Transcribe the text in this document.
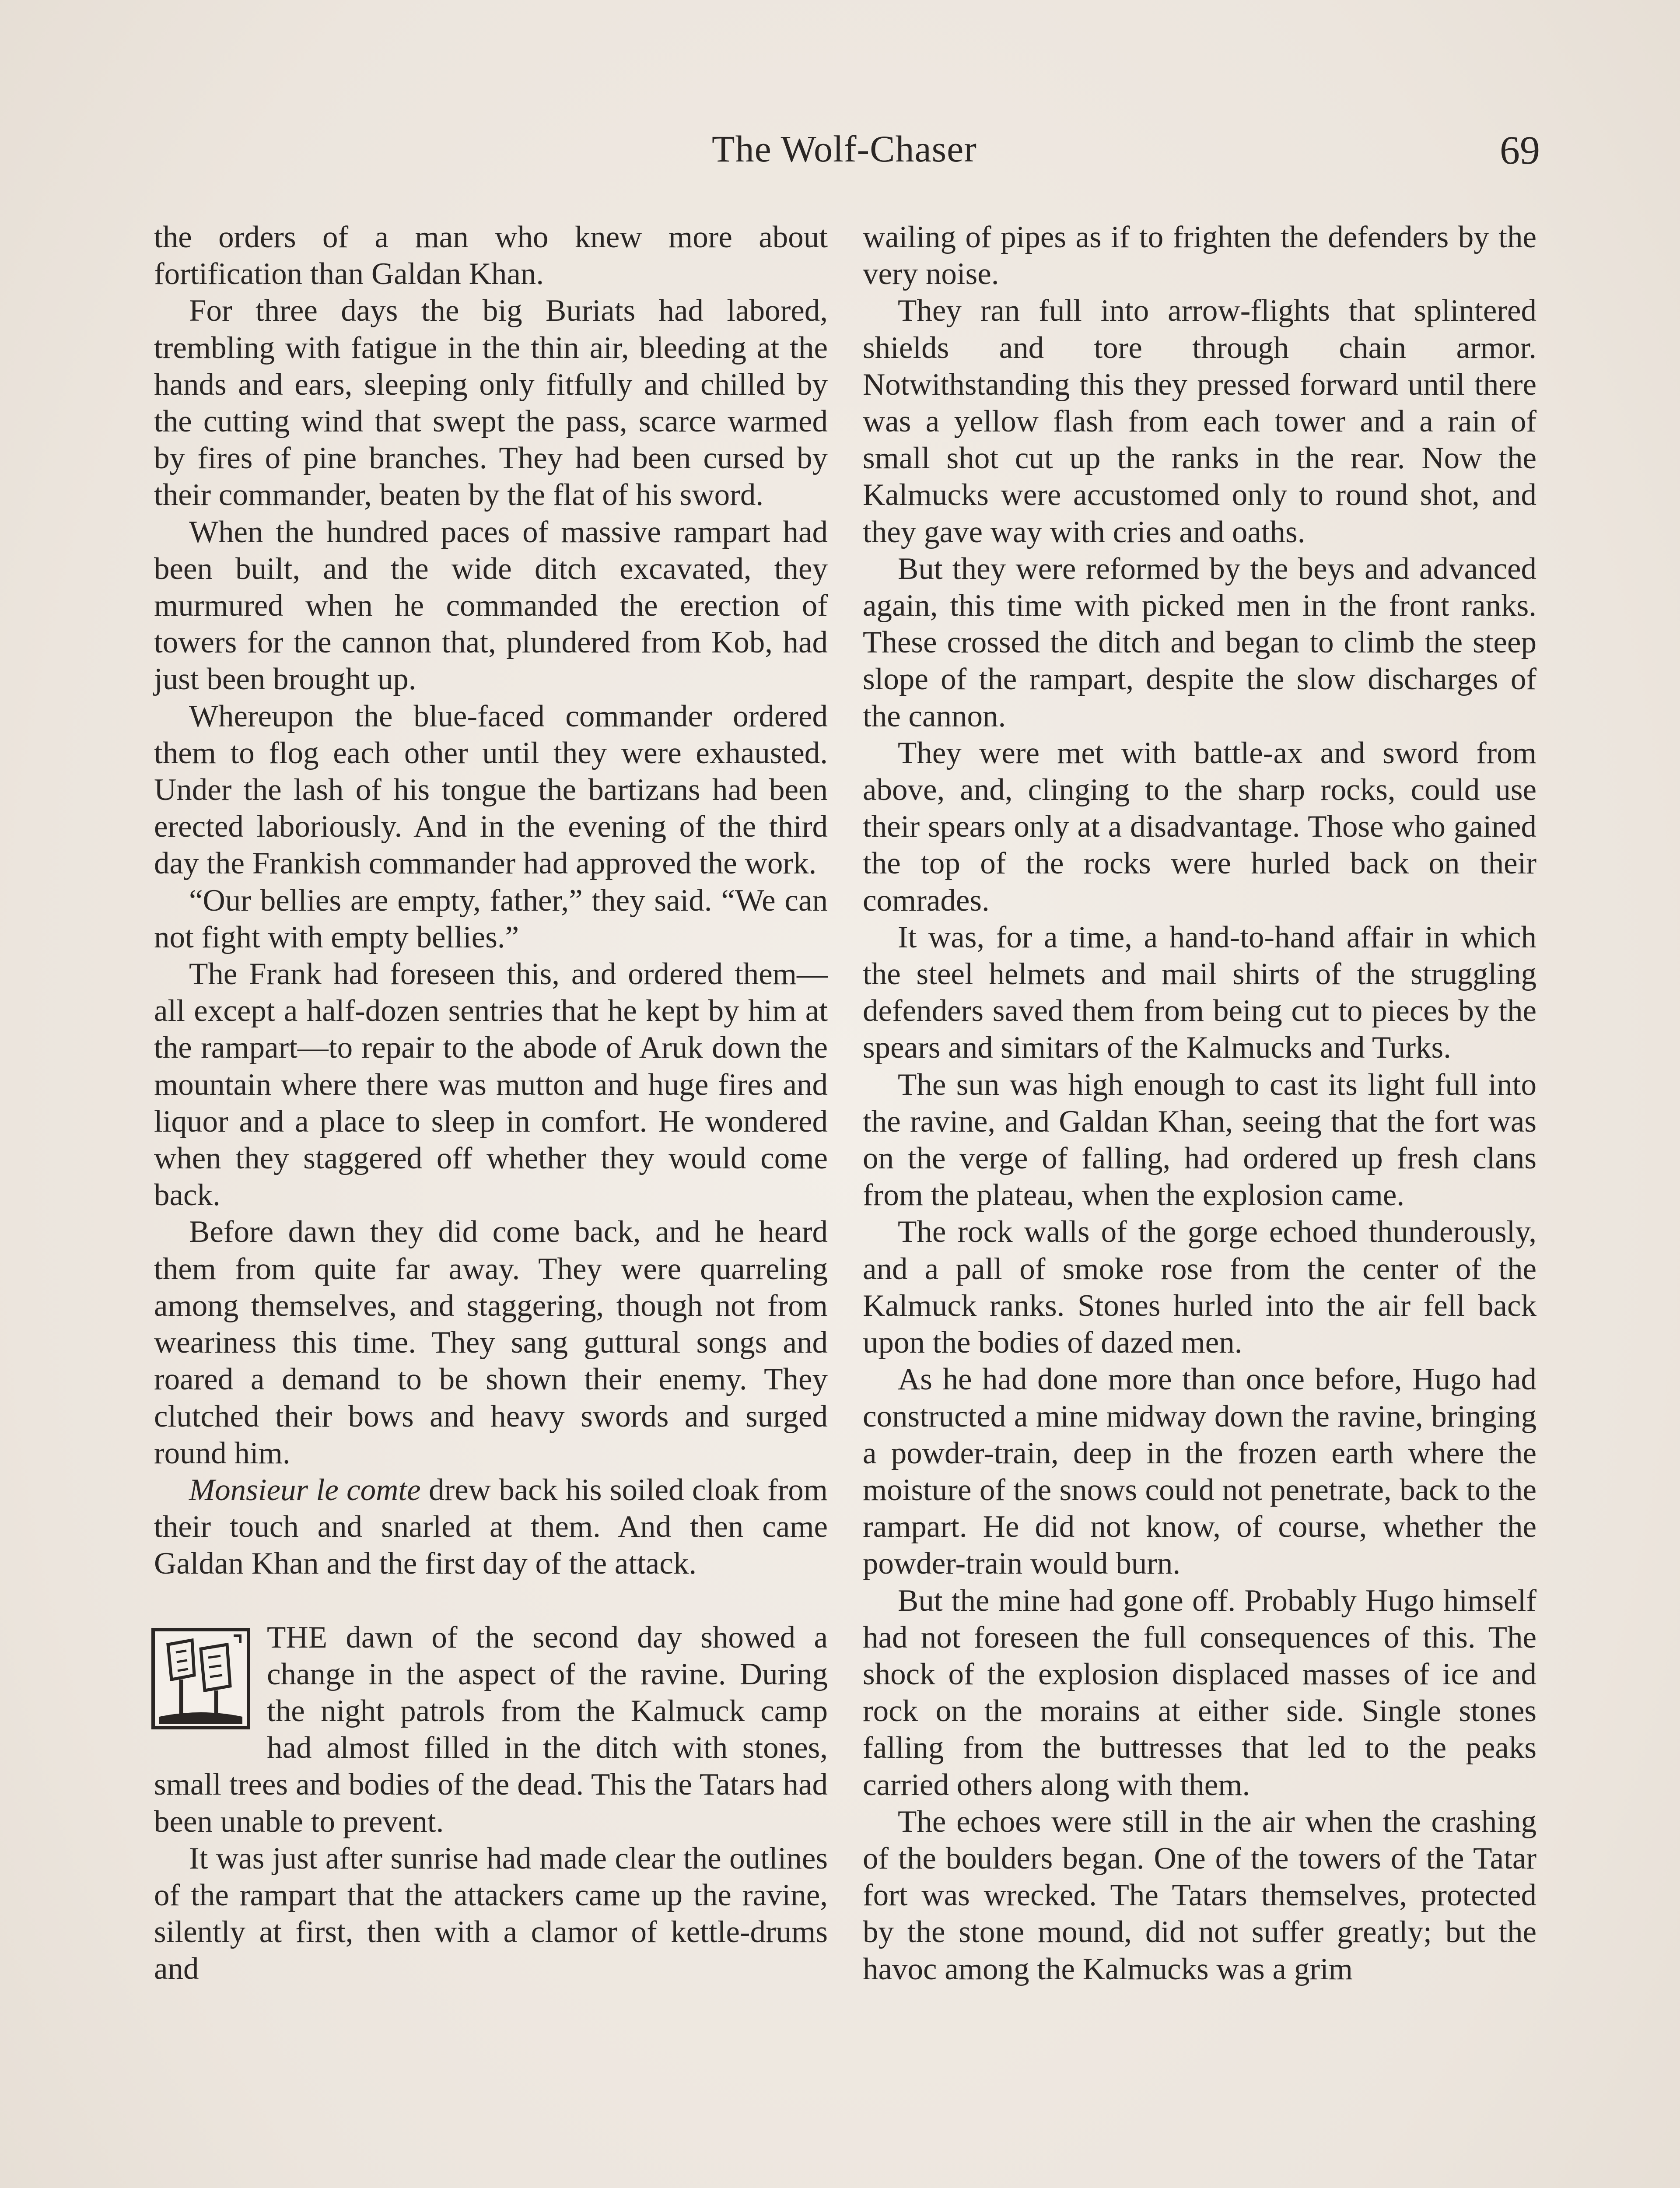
The Wolf-Chaser	69

the orders of a man who knew more about fortification than Galdan Khan.

For three days the big Buriats had labored, trembling with fatigue in the thin air, bleeding at the hands and ears, sleeping only fitfully and chilled by the cutting wind that swept the pass, scarce warmed by fires of pine branches. They had been cursed by their commander, beaten by the flat of his sword.

When the hundred paces of massive rampart had been built, and the wide ditch excavated, they murmured when he commanded the erection of towers for the cannon that, plundered from Kob, had just been brought up.

Whereupon the blue-faced commander ordered them to flog each other until they were exhausted. Under the lash of his tongue the bartizans had been erected laboriously. And in the evening of the third day the Frankish commander had approved the work.

“Our bellies are empty, father,” they said. “We can not fight with empty bellies.”

The Frank had foreseen this, and ordered them—all except a half-dozen sentries that he kept by him at the rampart—to repair to the abode of Aruk down the mountain where there was mutton and huge fires and liquor and a place to sleep in comfort. He wondered when they staggered off whether they would come back.

Before dawn they did come back, and he heard them from quite far away. They were quarreling among themselves, and staggering, though not from weariness this time. They sang guttural songs and roared a demand to be shown their enemy. They clutched their bows and heavy swords and surged round him.

Monsieur le comte drew back his soiled cloak from their touch and snarled at them. And then came Galdan Khan and the first day of the attack.

THE dawn of the second day showed a change in the aspect of the ravine. During the night patrols from the Kalmuck camp had almost filled in the ditch with stones, small trees and bodies of the dead. This the Tatars had been unable to prevent.

It was just after sunrise had made clear the outlines of the rampart that the attackers came up the ravine, silently at first, then with a clamor of kettle-drums and

wailing of pipes as if to frighten the defenders by the very noise.

They ran full into arrow-flights that splintered shields and tore through chain armor. Notwithstanding this they pressed forward until there was a yellow flash from each tower and a rain of small shot cut up the ranks in the rear. Now the Kalmucks were accustomed only to round shot, and they gave way with cries and oaths.

But they were reformed by the beys and advanced again, this time with picked men in the front ranks. These crossed the ditch and began to climb the steep slope of the rampart, despite the slow discharges of the cannon.

They were met with battle-ax and sword from above, and, clinging to the sharp rocks, could use their spears only at a disadvantage. Those who gained the top of the rocks were hurled back on their comrades.

It was, for a time, a hand-to-hand affair in which the steel helmets and mail shirts of the struggling defenders saved them from being cut to pieces by the spears and simitars of the Kalmucks and Turks.

The sun was high enough to cast its light full into the ravine, and Galdan Khan, seeing that the fort was on the verge of falling, had ordered up fresh clans from the plateau, when the explosion came.

The rock walls of the gorge echoed thunderously, and a pall of smoke rose from the center of the Kalmuck ranks. Stones hurled into the air fell back upon the bodies of dazed men.

As he had done more than once before, Hugo had constructed a mine midway down the ravine, bringing a powder-train, deep in the frozen earth where the moisture of the snows could not penetrate, back to the rampart. He did not know, of course, whether the powder-train would burn.

But the mine had gone off. Probably Hugo himself had not foreseen the full consequences of this. The shock of the explosion displaced masses of ice and rock on the morains at either side. Single stones falling from the buttresses that led to the peaks carried others along with them.

The echoes were still in the air when the crashing of the boulders began. One of the towers of the Tatar fort was wrecked. The Tatars themselves, protected by the stone mound, did not suffer greatly; but the havoc among the Kalmucks was a grim
